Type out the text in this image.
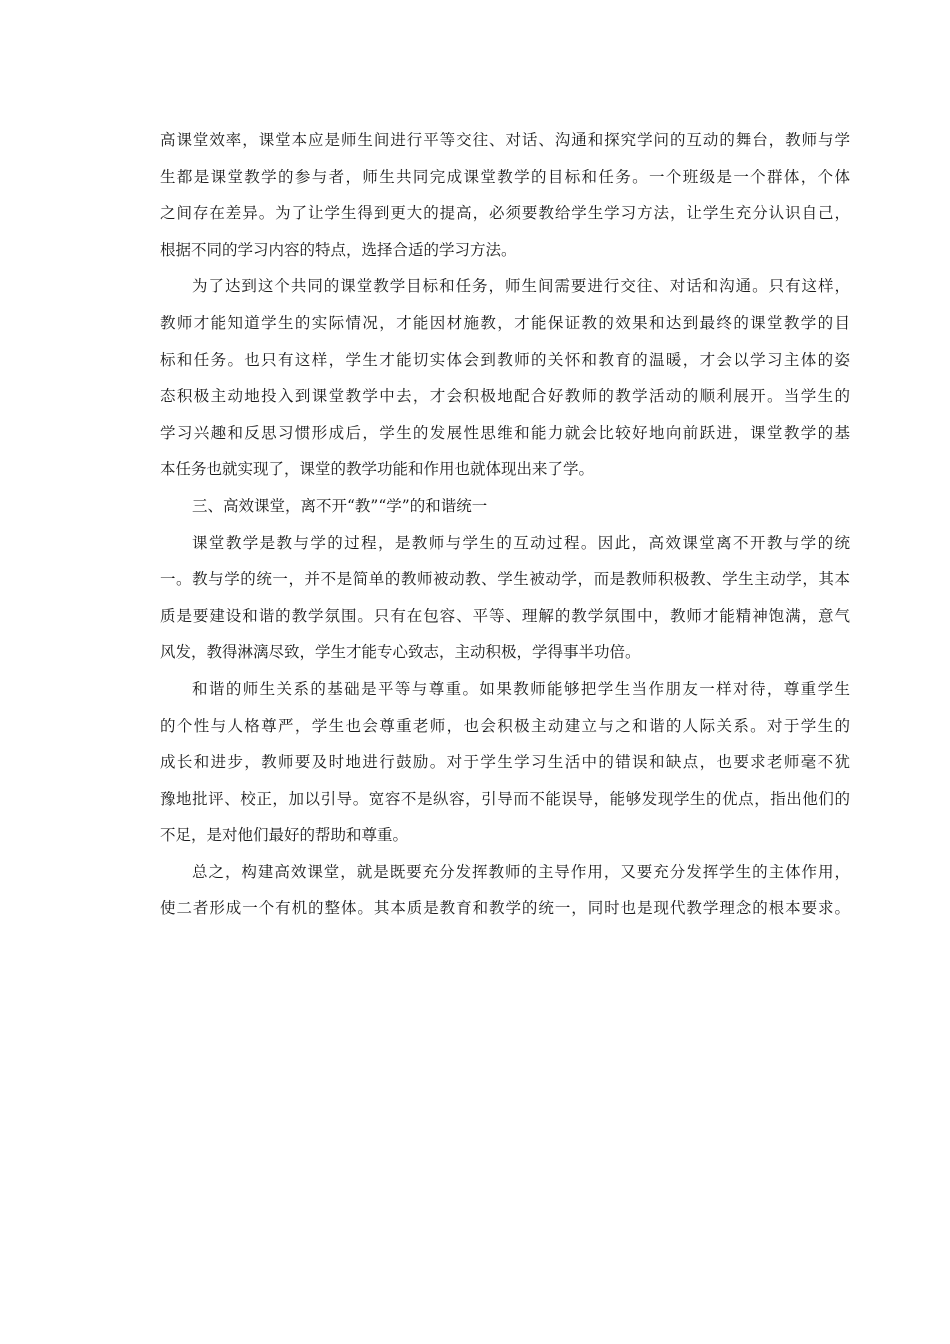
高课堂效率，课堂本应是师生间进行平等交往、对话、沟通和探究学问的互动的舞台，教师与学
生都是课堂教学的参与者，师生共同完成课堂教学的目标和任务。一个班级是一个群体，个体
之间存在差异。为了让学生得到更大的提高，必须要教给学生学习方法，让学生充分认识自己，
根据不同的学习内容的特点，选择合适的学习方法。
为了达到这个共同的课堂教学目标和任务，师生间需要进行交往、对话和沟通。只有这样，
教师才能知道学生的实际情况，才能因材施教，才能保证教的效果和达到最终的课堂教学的目
标和任务。也只有这样，学生才能切实体会到教师的关怀和教育的温暖，才会以学习主体的姿
态积极主动地投入到课堂教学中去，才会积极地配合好教师的教学活动的顺利展开。当学生的
学习兴趣和反思习惯形成后，学生的发展性思维和能力就会比较好地向前跃进，课堂教学的基
本任务也就实现了，课堂的教学功能和作用也就体现出来了学。
三、高效课堂，离不开“教”“学”的和谐统一
课堂教学是教与学的过程，是教师与学生的互动过程。因此，高效课堂离不开教与学的统
一。教与学的统一，并不是简单的教师被动教、学生被动学，而是教师积极教、学生主动学，其本
质是要建设和谐的教学氛围。只有在包容、平等、理解的教学氛围中，教师才能精神饱满，意气
风发，教得淋漓尽致，学生才能专心致志，主动积极，学得事半功倍。
和谐的师生关系的基础是平等与尊重。如果教师能够把学生当作朋友一样对待，尊重学生
的个性与人格尊严，学生也会尊重老师，也会积极主动建立与之和谐的人际关系。对于学生的
成长和进步，教师要及时地进行鼓励。对于学生学习生活中的错误和缺点，也要求老师毫不犹
豫地批评、校正，加以引导。宽容不是纵容，引导而不能误导，能够发现学生的优点，指出他们的
不足，是对他们最好的帮助和尊重。
总之，构建高效课堂，就是既要充分发挥教师的主导作用，又要充分发挥学生的主体作用，
使二者形成一个有机的整体。其本质是教育和教学的统一，同时也是现代教学理念的根本要求。
